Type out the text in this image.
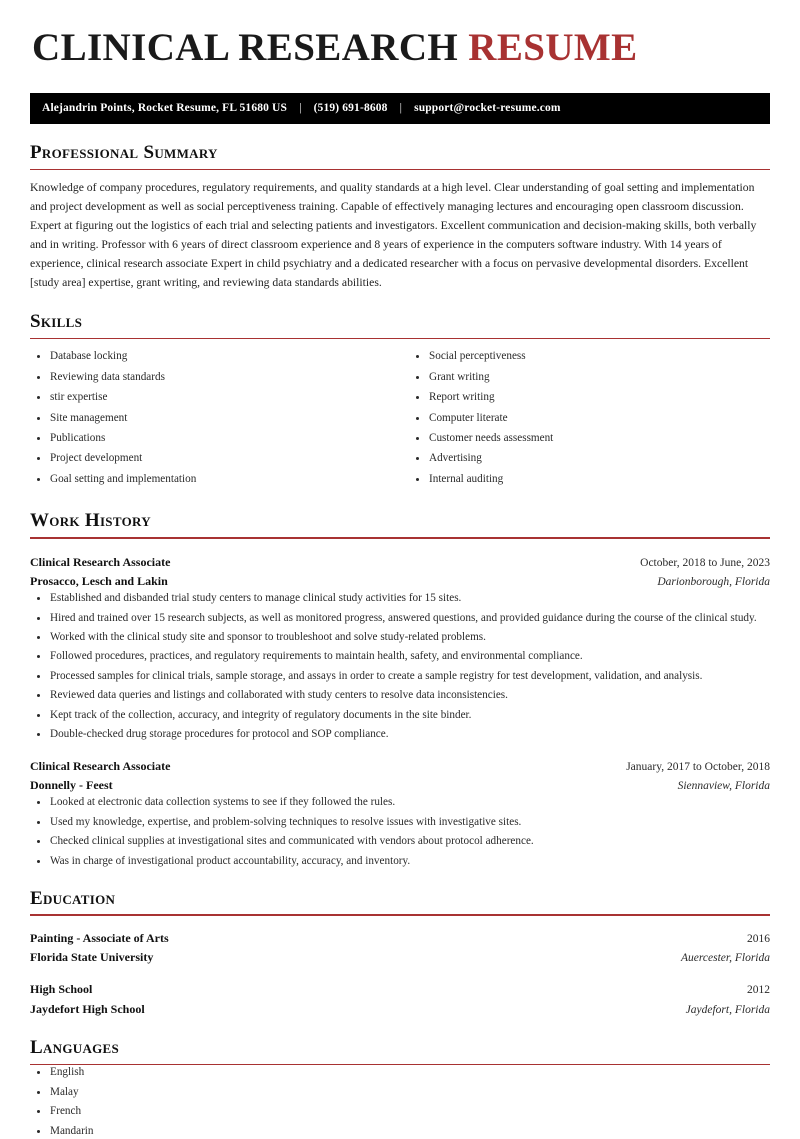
CLINICAL RESEARCH RESUME
Alejandrin Points, Rocket Resume, FL 51680 US | (519) 691-8608 | support@rocket-resume.com
Professional Summary

Knowledge of company procedures, regulatory requirements, and quality standards at a high level. Clear understanding of goal setting and implementation and project development as well as social perceptiveness training. Capable of effectively managing lectures and encouraging open classroom discussion. Expert at figuring out the logistics of each trial and selecting patients and investigators. Excellent communication and decision-making skills, both verbally and in writing. Professor with 6 years of direct classroom experience and 8 years of experience in the computers software industry. With 14 years of experience, clinical research associate Expert in child psychiatry and a dedicated researcher with a focus on pervasive developmental disorders. Excellent [study area] expertise, grant writing, and reviewing data standards abilities.

Skills
Database locking
Reviewing data standards
stir expertise
Site management
Publications
Project development
Goal setting and implementation
Social perceptiveness
Grant writing
Report writing
Computer literate
Customer needs assessment
Advertising
Internal auditing
Work History
Clinical Research Associate	October, 2018 to June, 2023
Prosacco, Lesch and Lakin	Darionborough, Florida
Established and disbanded trial study centers to manage clinical study activities for 15 sites.
Hired and trained over 15 research subjects, as well as monitored progress, answered questions, and provided guidance during the course of the clinical study.
Worked with the clinical study site and sponsor to troubleshoot and solve study-related problems.
Followed procedures, practices, and regulatory requirements to maintain health, safety, and environmental compliance.
Processed samples for clinical trials, sample storage, and assays in order to create a sample registry for test development, validation, and analysis.
Reviewed data queries and listings and collaborated with study centers to resolve data inconsistencies.
Kept track of the collection, accuracy, and integrity of regulatory documents in the site binder.
Double-checked drug storage procedures for protocol and SOP compliance.
Clinical Research Associate	January, 2017 to October, 2018
Donnelly - Feest	Siennaview, Florida
Looked at electronic data collection systems to see if they followed the rules.
Used my knowledge, expertise, and problem-solving techniques to resolve issues with investigative sites.
Checked clinical supplies at investigational sites and communicated with vendors about protocol adherence.
Was in charge of investigational product accountability, accuracy, and inventory.
Education
Painting - Associate of Arts	2016
Florida State University	Auercester, Florida
High School	2012
Jaydefort High School	Jaydefort, Florida
Languages
English
Malay
French
Mandarin
